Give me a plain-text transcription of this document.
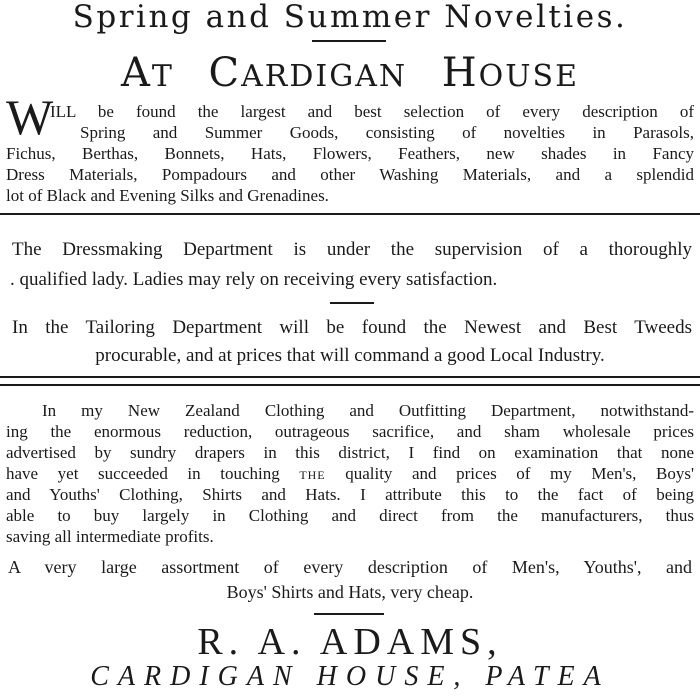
Spring and Summer Novelties.
AT CARDIGAN HOUSE
W
ILL be found the largest and best selection of every description of
Spring and Summer Goods, consisting of novelties in Parasols,
Fichus, Berthas, Bonnets, Hats, Flowers, Feathers, new shades in Fancy
Dress Materials, Pompadours and other Washing Materials, and a splendid
lot of Black and Evening Silks and Grenadines.
The Dressmaking Department is under the supervision of a thoroughly
. qualified lady. Ladies may rely on receiving every satisfaction.
In the Tailoring Department will be found the Newest and Best Tweeds
procurable, and at prices that will command a good Local Industry.
In my New Zealand Clothing and Outfitting Department, notwithstand-
ing the enormous reduction, outrageous sacrifice, and sham wholesale prices
advertised by sundry drapers in this district, I find on examination that none
have yet succeeded in touching THE quality and prices of my Men's, Boys'
and Youths' Clothing, Shirts and Hats. I attribute this to the fact of being
able to buy largely in Clothing and direct from the manufacturers, thus
saving all intermediate profits.
A very large assortment of every description of Men's, Youths', and
Boys' Shirts and Hats, very cheap.
R. A. ADAMS,
CARDIGAN HOUSE, PATEA
